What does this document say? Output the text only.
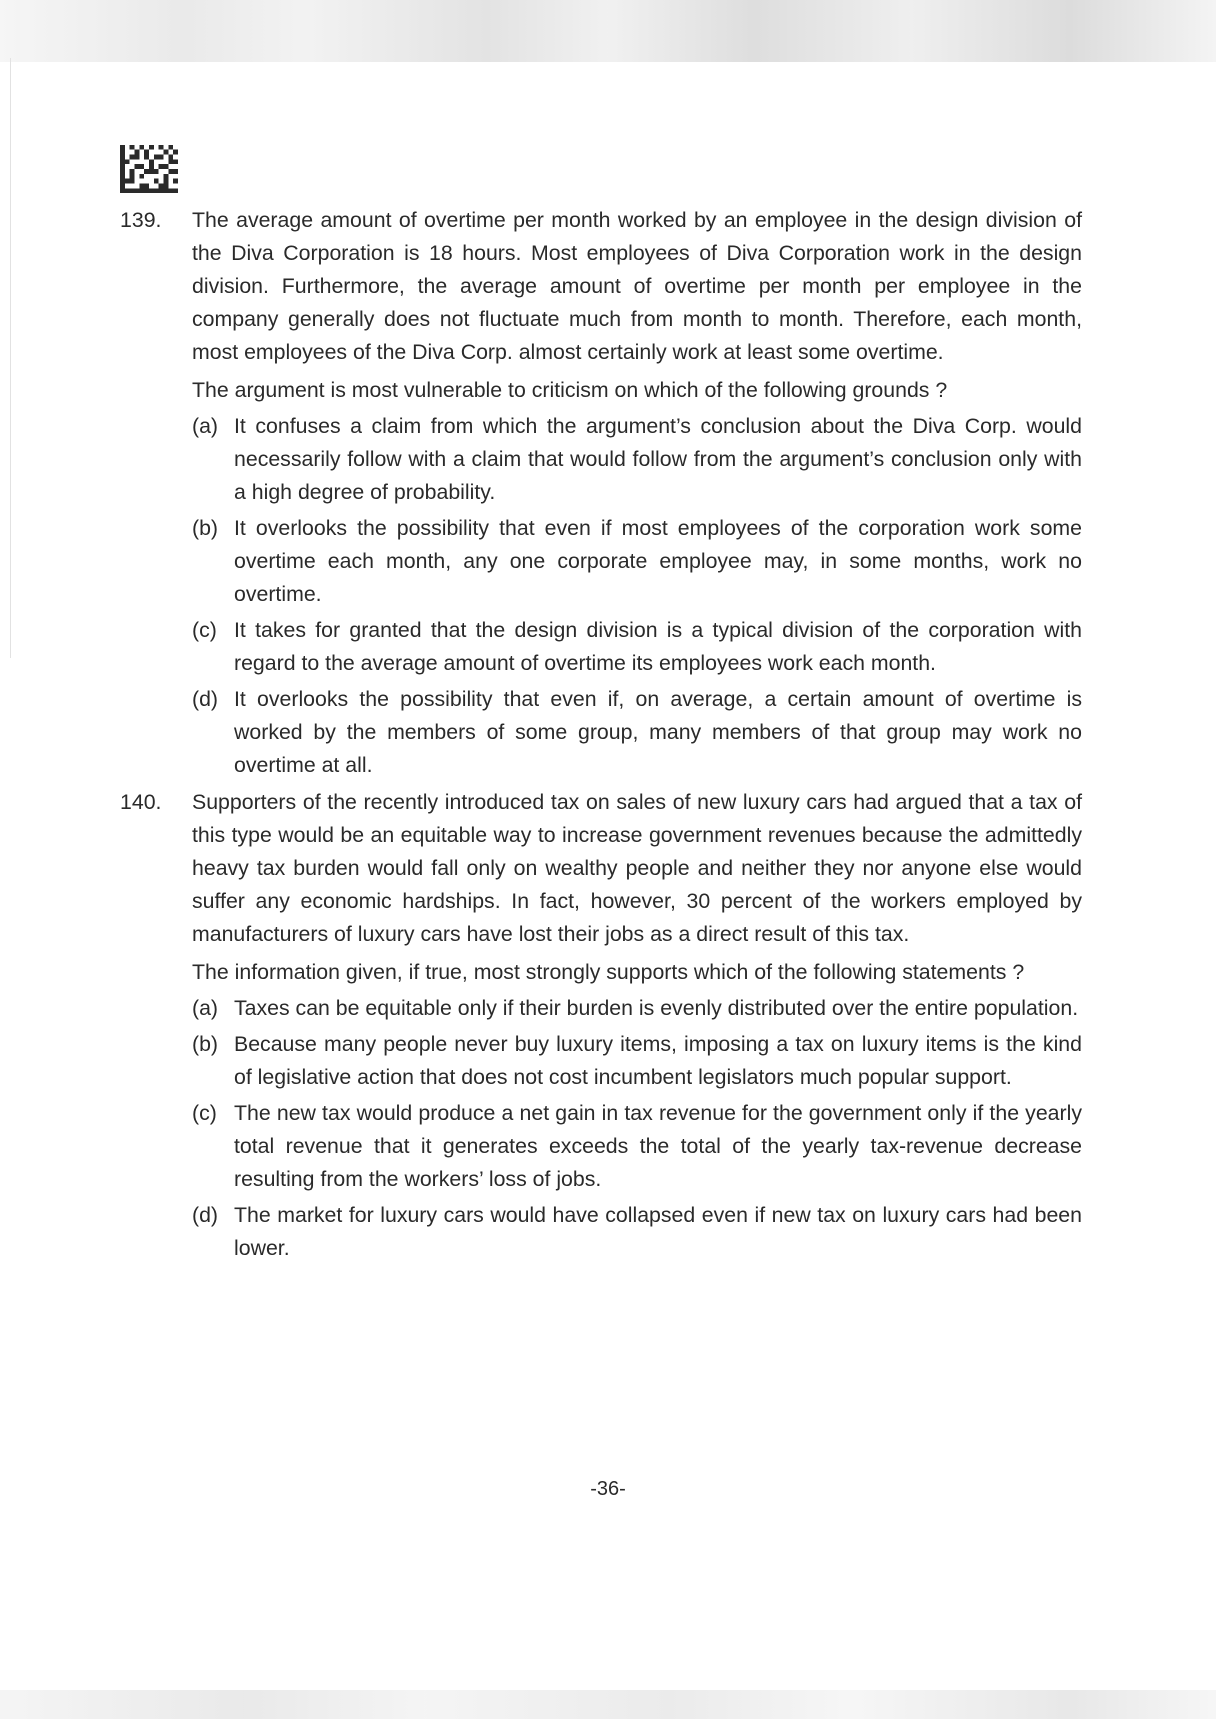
139.	The average amount of overtime per month worked by an employee in the design division of the Diva Corporation is 18 hours. Most employees of Diva Corporation work in the design division. Furthermore, the average amount of overtime per month per employee in the company generally does not fluctuate much from month to month. Therefore, each month, most employees of the Diva Corp. almost certainly work at least some overtime.
The argument is most vulnerable to criticism on which of the following grounds ?
(a) It confuses a claim from which the argument’s conclusion about the Diva Corp. would necessarily follow with a claim that would follow from the argument’s conclusion only with a high degree of probability.
(b) It overlooks the possibility that even if most employees of the corporation work some overtime each month, any one corporate employee may, in some months, work no overtime.
(c) It takes for granted that the design division is a typical division of the corporation with regard to the average amount of overtime its employees work each month.
(d) It overlooks the possibility that even if, on average, a certain amount of overtime is worked by the members of some group, many members of that group may work no overtime at all.
140.	Supporters of the recently introduced tax on sales of new luxury cars had argued that a tax of this type would be an equitable way to increase government revenues because the admittedly heavy tax burden would fall only on wealthy people and neither they nor anyone else would suffer any economic hardships. In fact, however, 30 percent of the workers employed by manufacturers of luxury cars have lost their jobs as a direct result of this tax.
The information given, if true, most strongly supports which of the following statements ?
(a) Taxes can be equitable only if their burden is evenly distributed over the entire population.
(b) Because many people never buy luxury items, imposing a tax on luxury items is the kind of legislative action that does not cost incumbent legislators much popular support.
(c) The new tax would produce a net gain in tax revenue for the government only if the yearly total revenue that it generates exceeds the total of the yearly tax-revenue decrease resulting from the workers’ loss of jobs.
(d) The market for luxury cars would have collapsed even if new tax on luxury cars had been lower.
-36-
